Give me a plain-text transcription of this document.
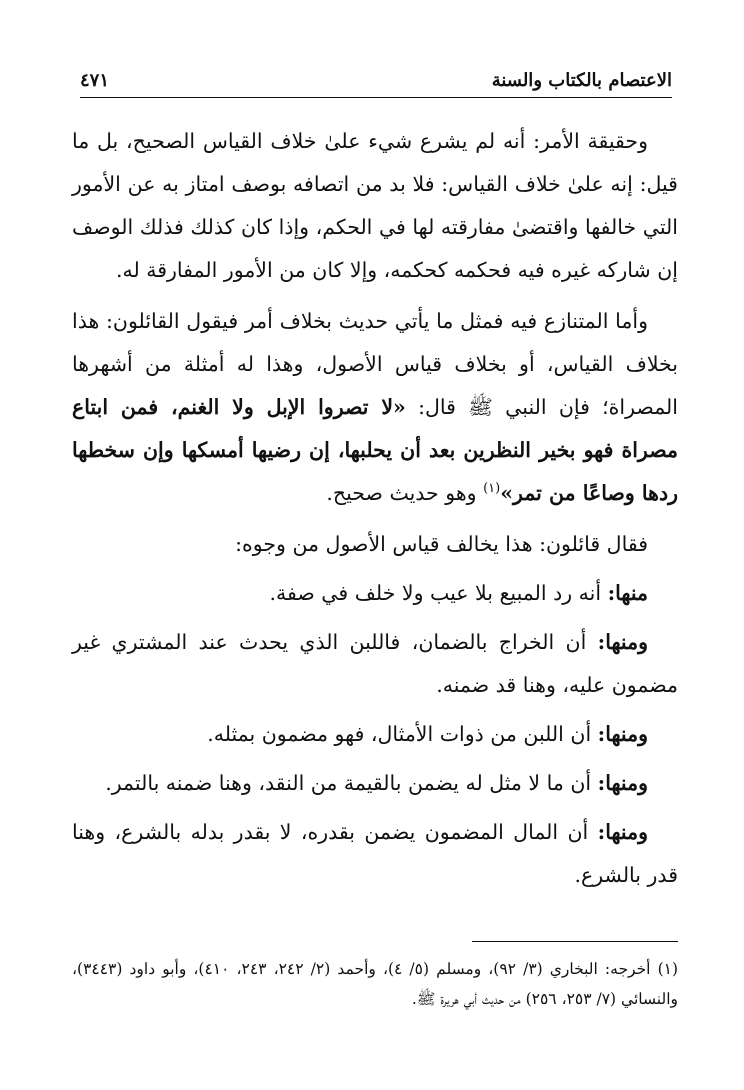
الاعتصام بالكتاب والسنة
٤٧١

وحقيقة الأمر: أنه لم يشرع شيء علىٰ خلاف القياس الصحيح، بل ما قيل: إنه علىٰ خلاف القياس: فلا بد من اتصافه بوصف امتاز به عن الأمور التي خالفها واقتضىٰ مفارقته لها في الحكم، وإذا كان كذلك فذلك الوصف إن شاركه غيره فيه فحكمه كحكمه، وإلا كان من الأمور المفارقة له.

وأما المتنازع فيه فمثل ما يأتي حديث بخلاف أمر فيقول القائلون: هذا بخلاف القياس، أو بخلاف قياس الأصول، وهذا له أمثلة من أشهرها المصراة؛ فإن النبي ﷺ قال: «لا تصروا الإبل ولا الغنم، فمن ابتاع مصراة فهو بخير النظرين بعد أن يحلبها، إن رضيها أمسكها وإن سخطها ردها وصاعًا من تمر»$^{(١)}$ وهو حديث صحيح.

فقال قائلون: هذا يخالف قياس الأصول من وجوه:

منها: أنه رد المبيع بلا عيب ولا خلف في صفة.

ومنها: أن الخراج بالضمان، فاللبن الذي يحدث عند المشتري غير مضمون عليه، وهنا قد ضمنه.

ومنها: أن اللبن من ذوات الأمثال، فهو مضمون بمثله.

ومنها: أن ما لا مثل له يضمن بالقيمة من النقد، وهنا ضمنه بالتمر.

ومنها: أن المال المضمون يضمن بقدره، لا بقدر بدله بالشرع، وهنا قدر بالشرع.

(١) أخرجه: البخاري (٣/ ٩٢)، ومسلم (٥/ ٤)، وأحمد (٢/ ٢٤٢، ٢٤٣، ٤١٠)، وأبو داود (٣٤٤٣)، والنسائي (٧/ ٢٥٣، ٢٥٦) من حديث أبي هريرة ﷺ.
